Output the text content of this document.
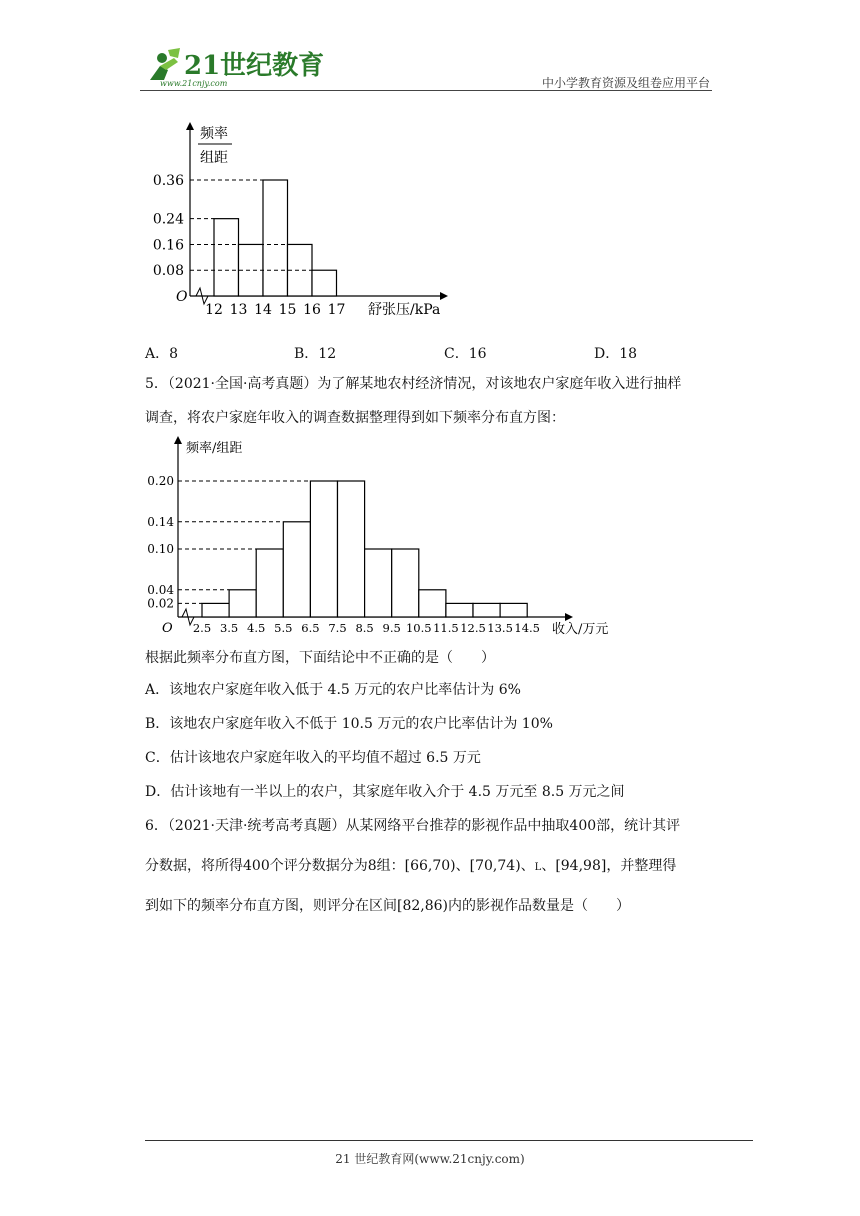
21世纪教育
www.21cnjy.com	中小学教育资源及组卷应用平台
0.36
0.24
0.16
0.08
12 13 14 15 16 17
O
舒张压/kPa
频率
组距
A．8	B．12	C．16	D．18
5．（2021·全国·高考真题）为了解某地农村经济情况，对该地农户家庭年收入进行抽样
调查，将农户家庭年收入的调查数据整理得到如下频率分布直方图：
0.20
0.14
0.10
0.04
0.02
2.5 3.5 4.5 5.5 6.5 7.5 8.5 9.5 10.5 11.5 12.5 13.5 14.5
O	收入/万元
频率/组距
根据此频率分布直方图，下面结论中不正确的是（　　）
A．该地农户家庭年收入低于 4.5 万元的农户比率估计为 6%
B．该地农户家庭年收入不低于 10.5 万元的农户比率估计为 10%
C．估计该地农户家庭年收入的平均值不超过 6.5 万元
D．估计该地有一半以上的农户，其家庭年收入介于 4.5 万元至 8.5 万元之间
6．（2021·天津·统考高考真题）从某网络平台推荐的影视作品中抽取400部，统计其评
分数据，将所得400个评分数据分为8组：[66,70)、[70,74)、L、[94,98]，并整理得
到如下的频率分布直方图，则评分在区间[82,86)内的影视作品数量是（　　）
21 世纪教育网(www.21cnjy.com)
